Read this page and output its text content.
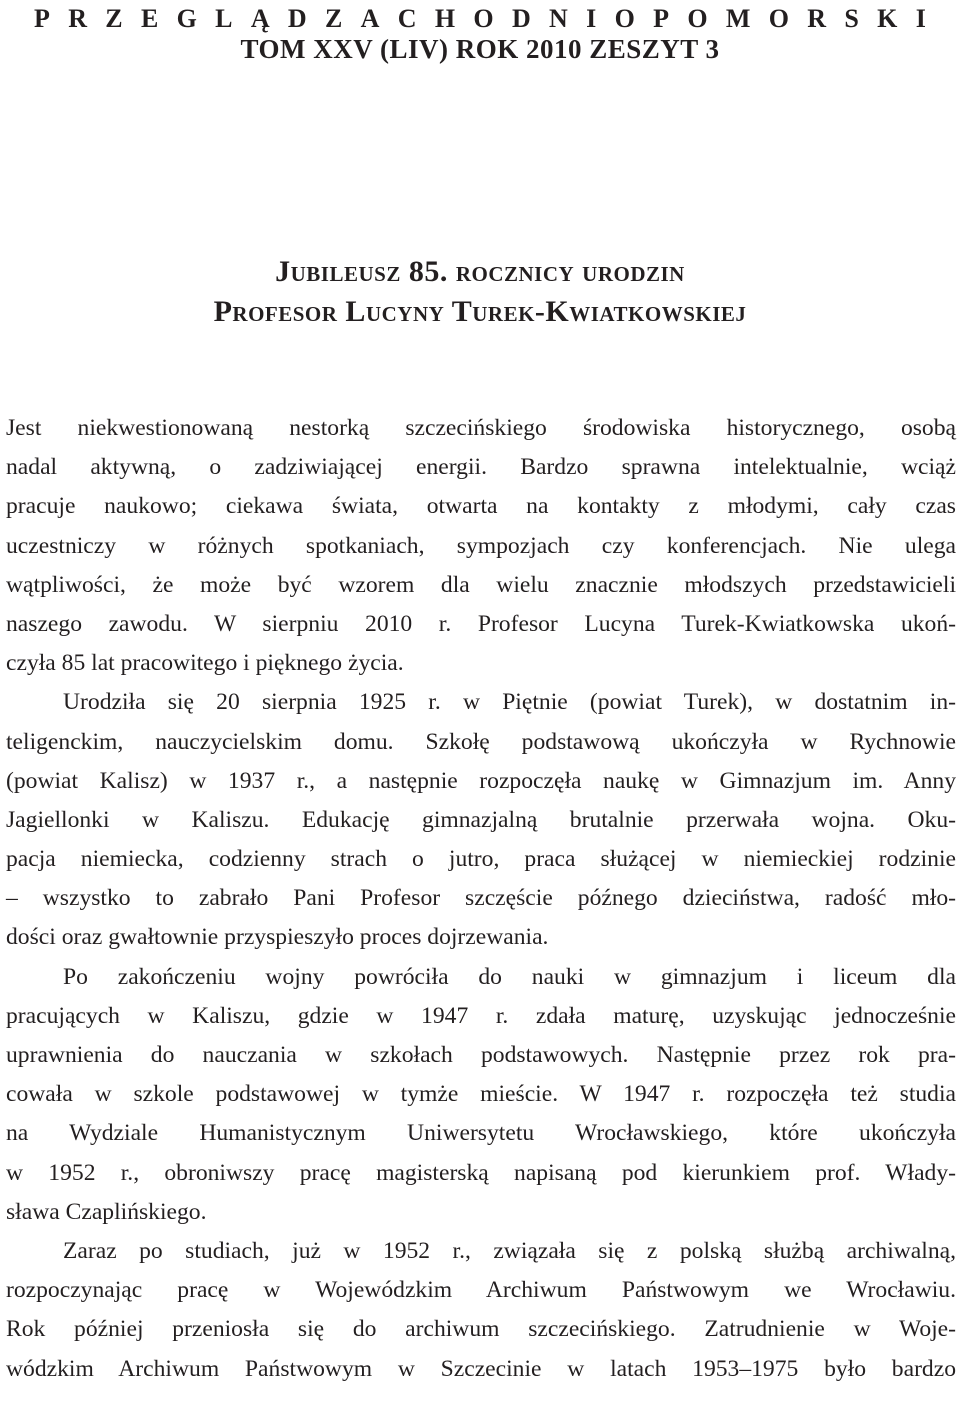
P R Z E G L Ą D Z A C H O D N I O P O M O R S K I
TOM XXV (LIV) ROK 2010 ZESZYT 3
Jubileusz 85. rocznicy urodzin
Profesor Lucyny Turek-Kwiatkowskiej
Jest niekwestionowaną nestorką szczecińskiego środowiska historycznego, osobą
nadal aktywną, o zadziwiającej energii. Bardzo sprawna intelektualnie, wciąż
pracuje naukowo; ciekawa świata, otwarta na kontakty z młodymi, cały czas
uczestniczy w różnych spotkaniach, sympozjach czy konferencjach. Nie ulega
wątpliwości, że może być wzorem dla wielu znacznie młodszych przedstawicieli
naszego zawodu. W sierpniu 2010 r. Profesor Lucyna Turek-Kwiatkowska ukoń-
czyła 85 lat pracowitego i pięknego życia.
Urodziła się 20 sierpnia 1925 r. w Piętnie (powiat Turek), w dostatnim in-
teligenckim, nauczycielskim domu. Szkołę podstawową ukończyła w Rychnowie
(powiat Kalisz) w 1937 r., a następnie rozpoczęła naukę w Gimnazjum im. Anny
Jagiellonki w Kaliszu. Edukację gimnazjalną brutalnie przerwała wojna. Oku-
pacja niemiecka, codzienny strach o jutro, praca służącej w niemieckiej rodzinie
– wszystko to zabrało Pani Profesor szczęście późnego dzieciństwa, radość mło-
dości oraz gwałtownie przyspieszyło proces dojrzewania.
Po zakończeniu wojny powróciła do nauki w gimnazjum i liceum dla
pracujących w Kaliszu, gdzie w 1947 r. zdała maturę, uzyskując jednocześnie
uprawnienia do nauczania w szkołach podstawowych. Następnie przez rok pra-
cowała w szkole podstawowej w tymże mieście. W 1947 r. rozpoczęła też studia
na Wydziale Humanistycznym Uniwersytetu Wrocławskiego, które ukończyła
w 1952 r., obroniwszy pracę magisterską napisaną pod kierunkiem prof. Włady-
sława Czaplińskiego.
Zaraz po studiach, już w 1952 r., związała się z polską służbą archiwalną,
rozpoczynając pracę w Wojewódzkim Archiwum Państwowym we Wrocławiu.
Rok później przeniosła się do archiwum szczecińskiego. Zatrudnienie w Woje-
wódzkim Archiwum Państwowym w Szczecinie w latach 1953–1975 było bardzo
